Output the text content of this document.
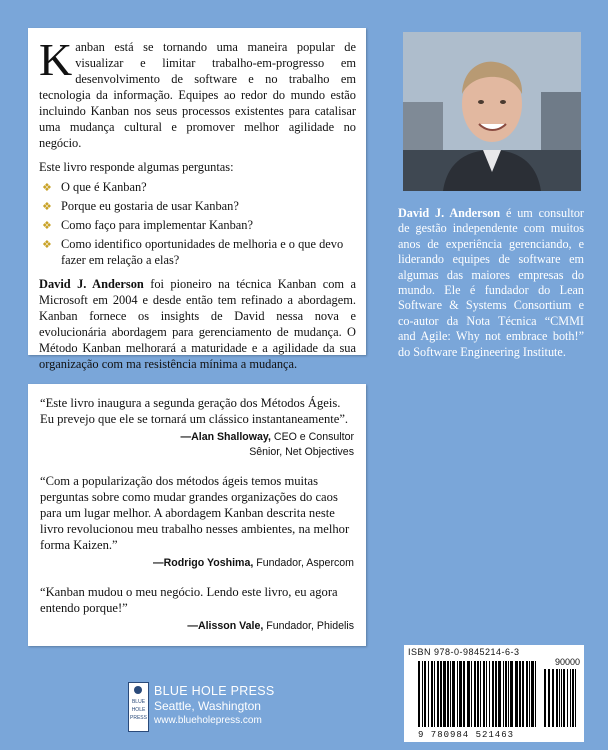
K anban está se tornando uma maneira popular de visualizar e limitar trabalho-em-progresso em desenvolvimento de software e no trabalho em tecnologia da informação. Equipes ao redor do mundo estão incluindo Kanban nos seus processos existentes para catalisar uma mudança cultural e promover melhor agilidade no negócio.

Este livro responde algumas perguntas:
❖ O que é Kanban?
❖ Porque eu gostaria de usar Kanban?
❖ Como faço para implementar Kanban?
❖ Como identifico oportunidades de melhoria e o que devo fazer em relação a elas?

David J. Anderson foi pioneiro na técnica Kanban com a Microsoft em 2004 e desde então tem refinado a abordagem. Kanban fornece os insights de David nessa nova e evolucionária abordagem para gerenciamento de mudança. O Método Kanban melhorará a maturidade e a agilidade da sua organização com ma resistência mínima a mudança.

“Este livro inaugura a segunda geração dos Métodos Ágeis. Eu prevejo que ele se tornará um clássico instantaneamente”.

—Alan Shalloway, CEO e Consultor
Sênior, Net Objectives

“Com a popularização dos métodos ágeis temos muitas perguntas sobre como mudar grandes organizações do caos para um lugar melhor. A abordagem Kanban descrita neste livro revolucionou meu trabalho nesses ambientes, na melhor forma Kaizen.”

—Rodrigo Yoshima, Fundador, Aspercom

“Kanban mudou o meu negócio. Lendo este livro, eu agora entendo porque!”

—Alisson Vale, Fundador, Phidelis
David J. Anderson é um consultor de gestão independente com muitos anos de experiência gerenciando, e liderando equipes de software em algumas das maiores empresas do mundo. Ele é fundador do Lean Software & Systems Consortium e co-autor da Nota Técnica “CMMI and Agile: Why not embrace both!” do Software Engineering Institute.
BLUE
HOLE
PRESS
BLUE HOLE PRESS
Seattle, Washington
www.blueholepress.com
ISBN 978-0-9845214-6-3
90000
9 780984 521463
